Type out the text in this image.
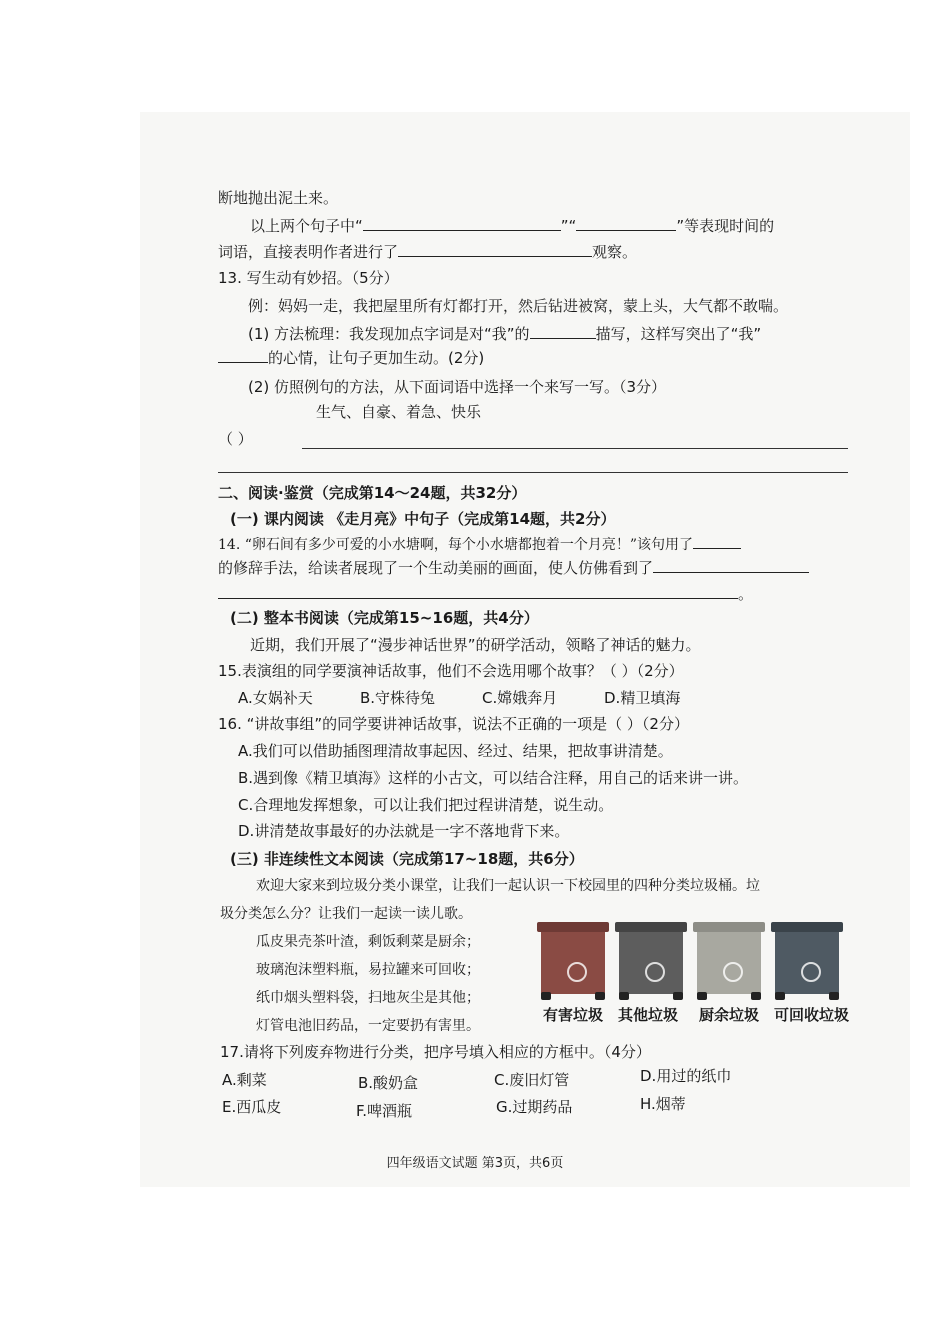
断地抛出泥土来。
以上两个句子中“	”“	”等表现时间的
词语，直接表明作者进行了	观察。
13. 写生动有妙招。（5分）
例：妈妈一走，我把屋里所有灯都打开，然后钻进被窝，蒙上头，大气都不敢喘。
(1) 方法梳理：我发现加点字词是对“我”的	描写，这样写突出了“我”
的心情，让句子更加生动。(2分)
(2) 仿照例句的方法，从下面词语中选择一个来写一写。（3分）
生气、自豪、着急、快乐
（ ）
二、阅读·鉴赏（完成第14～24题，共32分）
(一) 课内阅读 《走月亮》中句子（完成第14题，共2分）
14. “卵石间有多少可爱的小水塘啊，每个小水塘都抱着一个月亮！”该句用了
的修辞手法，给读者展现了一个生动美丽的画面，使人仿佛看到了
。
(二) 整本书阅读（完成第15~16题，共4分）
近期，我们开展了“漫步神话世界”的研学活动，领略了神话的魅力。
15.表演组的同学要演神话故事，他们不会选用哪个故事？（ ）（2分）
A.女娲补天	B.守株待兔	C.嫦娥奔月	D.精卫填海
16. “讲故事组”的同学要讲神话故事，说法不正确的一项是（ ）（2分）
A.我们可以借助插图理清故事起因、经过、结果，把故事讲清楚。
B.遇到像《精卫填海》这样的小古文，可以结合注释，用自己的话来讲一讲。
C.合理地发挥想象，可以让我们把过程讲清楚，说生动。
D.讲清楚故事最好的办法就是一字不落地背下来。
(三) 非连续性文本阅读（完成第17~18题，共6分）
欢迎大家来到垃圾分类小课堂，让我们一起认识一下校园里的四种分类垃圾桶。垃
圾分类怎么分？让我们一起读一读儿歌。
瓜皮果壳茶叶渣，剩饭剩菜是厨余；
玻璃泡沫塑料瓶，易拉罐来可回收；
纸巾烟头塑料袋，扫地灰尘是其他；
灯管电池旧药品，一定要扔有害里。
有害垃圾 其他垃圾 厨余垃圾 可回收垃圾
17.请将下列废弃物进行分类，把序号填入相应的方框中。（4分）
A.剩菜	B.酸奶盒	C.废旧灯管	D.用过的纸巾
E.西瓜皮	F.啤酒瓶	G.过期药品	H.烟蒂
四年级语文试题 第3页，共6页
